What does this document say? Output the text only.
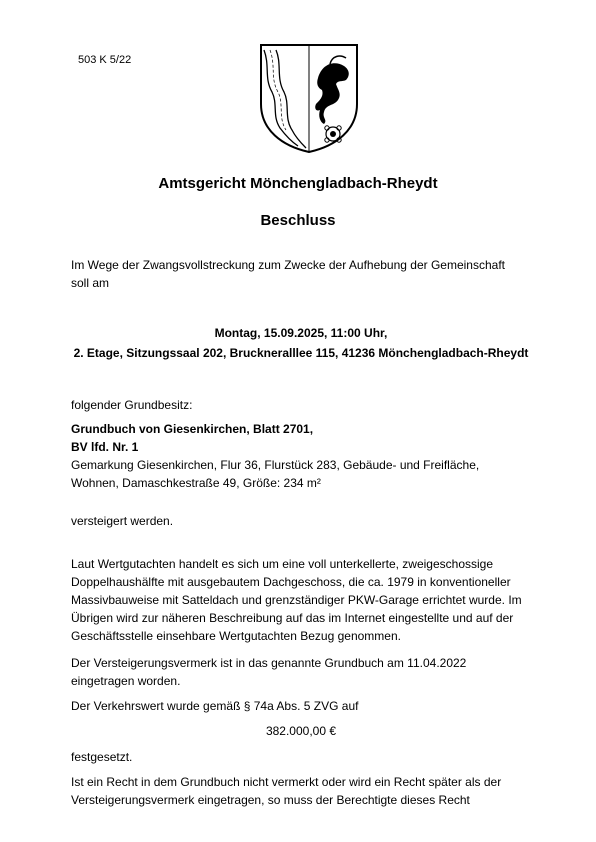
503 K 5/22
Amtsgericht Mönchengladbach-Rheydt
Beschluss
Im Wege der Zwangsvollstreckung zum Zwecke der Aufhebung der Gemeinschaft
soll am
Montag, 15.09.2025, 11:00 Uhr,
2. Etage, Sitzungssaal 202, Bruckneralllee 115, 41236 Mönchengladbach-Rheydt
folgender Grundbesitz:
Grundbuch von Giesenkirchen, Blatt 2701,
BV lfd. Nr. 1
Gemarkung Giesenkirchen, Flur 36, Flurstück 283, Gebäude- und Freifläche,
Wohnen, Damaschkestraße 49, Größe: 234 m²
versteigert werden.
Laut Wertgutachten handelt es sich um eine voll unterkellerte, zweigeschossige
Doppelhaushälfte mit ausgebautem Dachgeschoss, die ca. 1979 in konventioneller
Massivbauweise mit Satteldach und grenzständiger PKW-Garage errichtet wurde. Im
Übrigen wird zur näheren Beschreibung auf das im Internet eingestellte und auf der
Geschäftsstelle einsehbare Wertgutachten Bezug genommen.
Der Versteigerungsvermerk ist in das genannte Grundbuch am 11.04.2022
eingetragen worden.
Der Verkehrswert wurde gemäß § 74a Abs. 5 ZVG auf
382.000,00 €
festgesetzt.
Ist ein Recht in dem Grundbuch nicht vermerkt oder wird ein Recht später als der
Versteigerungsvermerk eingetragen, so muss der Berechtigte dieses Recht
